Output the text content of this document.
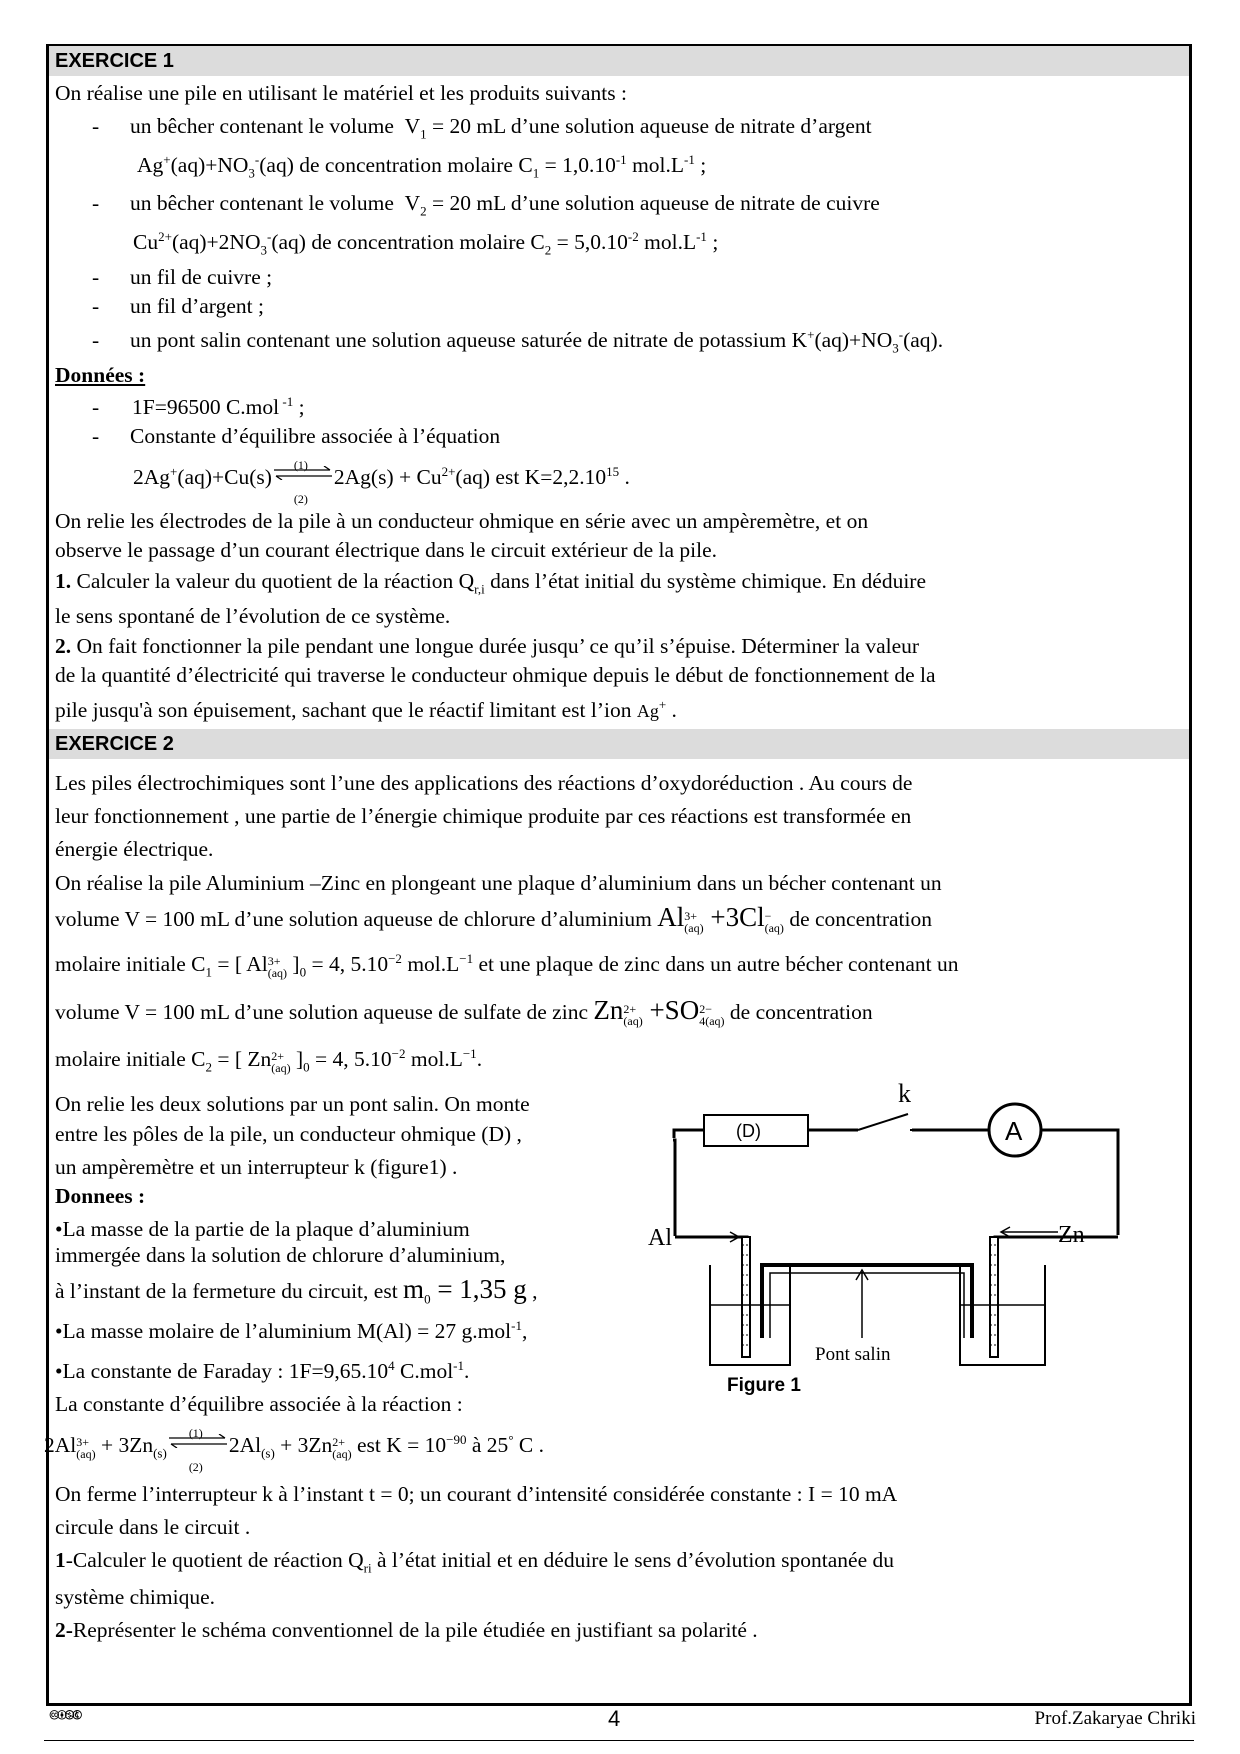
EXERCICE 1
On réalise une pile en utilisant le matériel et les produits suivants :
- un bêcher contenant le volume $V_1 = 20$ mL d’une solution aqueuse de nitrate d’argent
$Ag^+(aq)+NO_3^-(aq)$ de concentration molaire $C_1 = 1,0.10^{-1}$ $mol.L^{-1}$ ;
- un bêcher contenant le volume $V_2 = 20$ mL d’une solution aqueuse de nitrate de cuivre
$Cu^{2+}(aq)+2NO_3^-(aq)$ de concentration molaire $C_2 = 5,0.10^{-2}$ $mol.L^{-1}$ ;
- un fil de cuivre ;
- un fil d’argent ;
- un pont salin contenant une solution aqueuse saturée de nitrate de potassium $K^+(aq)+NO_3^-(aq)$.
Données :
- 1F=96500 C.mol $^{-1}$ ;
- Constante d’équilibre associée à l’équation
2Ag+(aq)+Cu(s) (1)
(2)
$2Ag(s) + Cu^{2+}(aq)$ est $K=2,2.10^{15}$ .
On relie les électrodes de la pile à un conducteur ohmique en série avec un ampèremètre, et on
observe le passage d’un courant électrique dans le circuit extérieur de la pile.
1. Calculer la valeur du quotient de la réaction $Q_{r,i}$ dans l’état initial du système chimique. En déduire
le sens spontané de l’évolution de ce système.
2. On fait fonctionner la pile pendant une longue durée jusqu’ ce qu’il s’épuise. Déterminer la valeur
de la quantité d’électricité qui traverse le conducteur ohmique depuis le début de fonctionnement de la
pile jusqu'à son épuisement, sachant que le réactif limitant est l’ion Ag+ .
EXERCICE 2
Les piles électrochimiques sont l’une des applications des réactions d’oxydoréduction . Au cours de
leur fonctionnement , une partie de l’énergie chimique produite par ces réactions est transformée en
énergie électrique.
On réalise la pile Aluminium –Zinc en plongeant une plaque d’aluminium dans un bécher contenant un
volume V = 100 mL d’une solution aqueuse de chlorure d’aluminium Al 3+
(aq) +3Cl −
(aq) de concentration
molaire initiale $C_1$ = [ Al 3+
(aq) ]$_0 = 4$, $5.10^{-2}$ $mol.L^{-1}$ et une plaque de zinc dans un autre bécher contenant un
volume V = 100 mL d’une solution aqueuse de sulfate de zinc Zn 2+
(aq) +SO 2−
4(aq) de concentration
molaire initiale $C_2$ = [ Zn 2+
(aq) ]$_0 = 4$, $5.10^{-2}$ $mol.L^{-1}$.
On relie les deux solutions par un pont salin. On monte
entre les pôles de la pile, un conducteur ohmique (D) ,
un ampèremètre et un interrupteur k (figure1) .
Donnees :
•La masse de la partie de la plaque d’aluminium
immergée dans la solution de chlorure d’aluminium,
à l’instant de la fermeture du circuit, est $m_0 = 1,35$ g ,
•La masse molaire de l’aluminium M(Al) = 27 g.mol$^{-1}$,
•La constante de Faraday : $1F=9,65.10^4$ C.mol$^{-1}$.
La constante d’équilibre associée à la réaction :
2Al 3+
$(aq) + 3Zn_{(s)}$
(1)
(2)
$2Al_{(s)} + 3Zn$ 2+
(aq) est $K = 10^{-90}$ à 25° C .
On ferme l’interrupteur k à l’instant t = 0; un courant d’intensité considérée constante : I = 10 mA
circule dans le circuit .
1-Calculer le quotient de réaction $Q_{ri}$ à l’état initial et en déduire le sens d’évolution spontanée du
système chimique.
2-Représenter le schéma conventionnel de la pile étudiée en justifiant sa polarité .
(D)
k
A
Pont salin
Al	Zn
Figure 1
🅭🅯🄏🅮	4	Prof.Zakaryae Chriki
